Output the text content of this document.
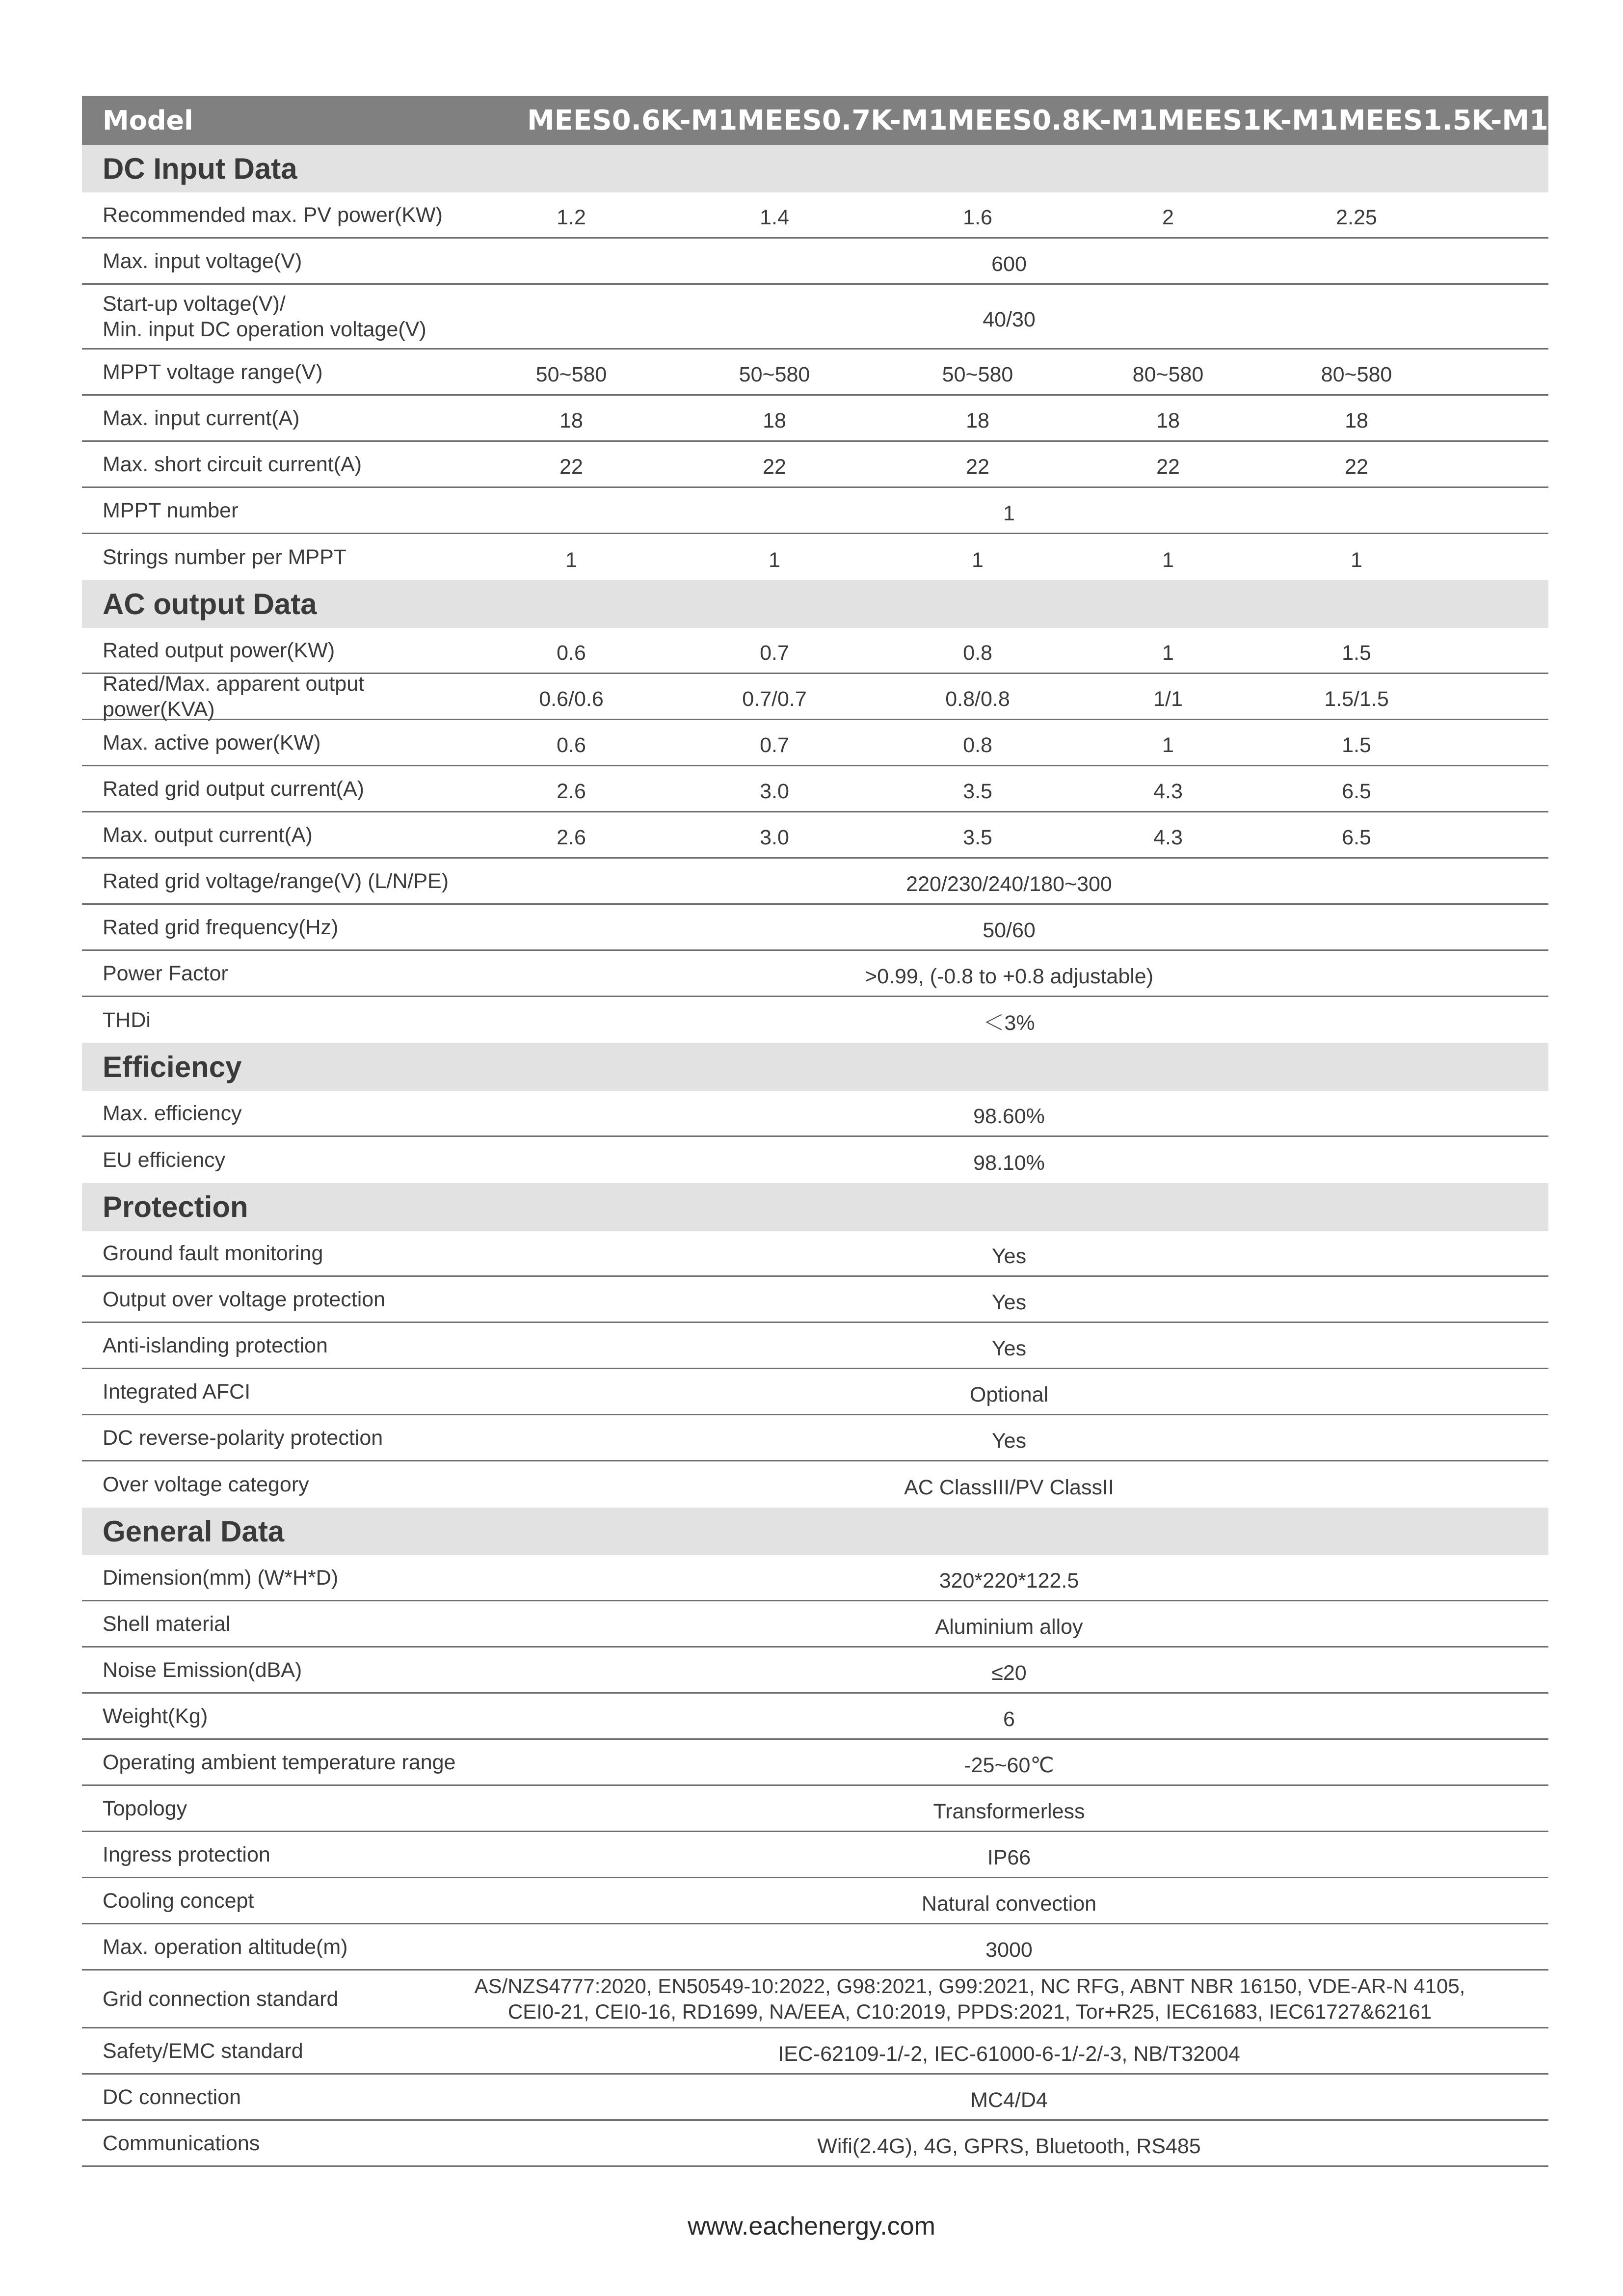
Model	MEES0.6K-M1 MEES0.7K-M1 MEES0.8K-M1 MEES1K-M1 MEES1.5K-M1
DC Input Data
Recommended max. PV power(KW)	1.2	1.4	1.6	2	2.25
Max. input voltage(V)	600
Start-up voltage(V)/
Min. input DC operation voltage(V)	40/30
MPPT voltage range(V)	50~580	50~580	50~580	80~580	80~580
Max. input current(A)	18	18	18	18	18
Max. short circuit current(A)	22	22	22	22	22
MPPT number	1
Strings number per MPPT	1	1	1	1	1
AC output Data
Rated output power(KW)	0.6	0.7	0.8	1	1.5
Rated/Max. apparent output power(KVA)	0.6/0.6	0.7/0.7	0.8/0.8	1/1	1.5/1.5
Max. active power(KW)	0.6	0.7	0.8	1	1.5
Rated grid output current(A)	2.6	3.0	3.5	4.3	6.5
Max. output current(A)	2.6	3.0	3.5	4.3	6.5
Rated grid voltage/range(V) (L/N/PE)	220/230/240/180~300
Rated grid frequency(Hz)	50/60
Power Factor	>0.99, (-0.8 to +0.8 adjustable)
THDi	＜3%
Efficiency
Max. efficiency	98.60%
EU efficiency	98.10%
Protection
Ground fault monitoring	Yes
Output over voltage protection	Yes
Anti-islanding protection	Yes
Integrated AFCI	Optional
DC reverse-polarity protection	Yes
Over voltage category	AC ClassIII/PV ClassII
General Data
Dimension(mm) (W*H*D)	320*220*122.5
Shell material	Aluminium alloy
Noise Emission(dBA)	≤20
Weight(Kg)	6
Operating ambient temperature range	-25~60℃
Topology	Transformerless
Ingress protection	IP66
Cooling concept	Natural convection
Max. operation altitude(m)	3000
Grid connection standard
AS/NZS4777:2020, EN50549-10:2022, G98:2021, G99:2021, NC RFG, ABNT NBR 16150, VDE-AR-N 4105,
CEI0-21, CEI0-16, RD1699, NA/EEA, C10:2019, PPDS:2021, Tor+R25, IEC61683, IEC61727&62161
Safety/EMC standard	IEC-62109-1/-2, IEC-61000-6-1/-2/-3, NB/T32004
DC connection	MC4/D4
Communications	Wifi(2.4G), 4G, GPRS, Bluetooth, RS485
www.eachenergy.com
